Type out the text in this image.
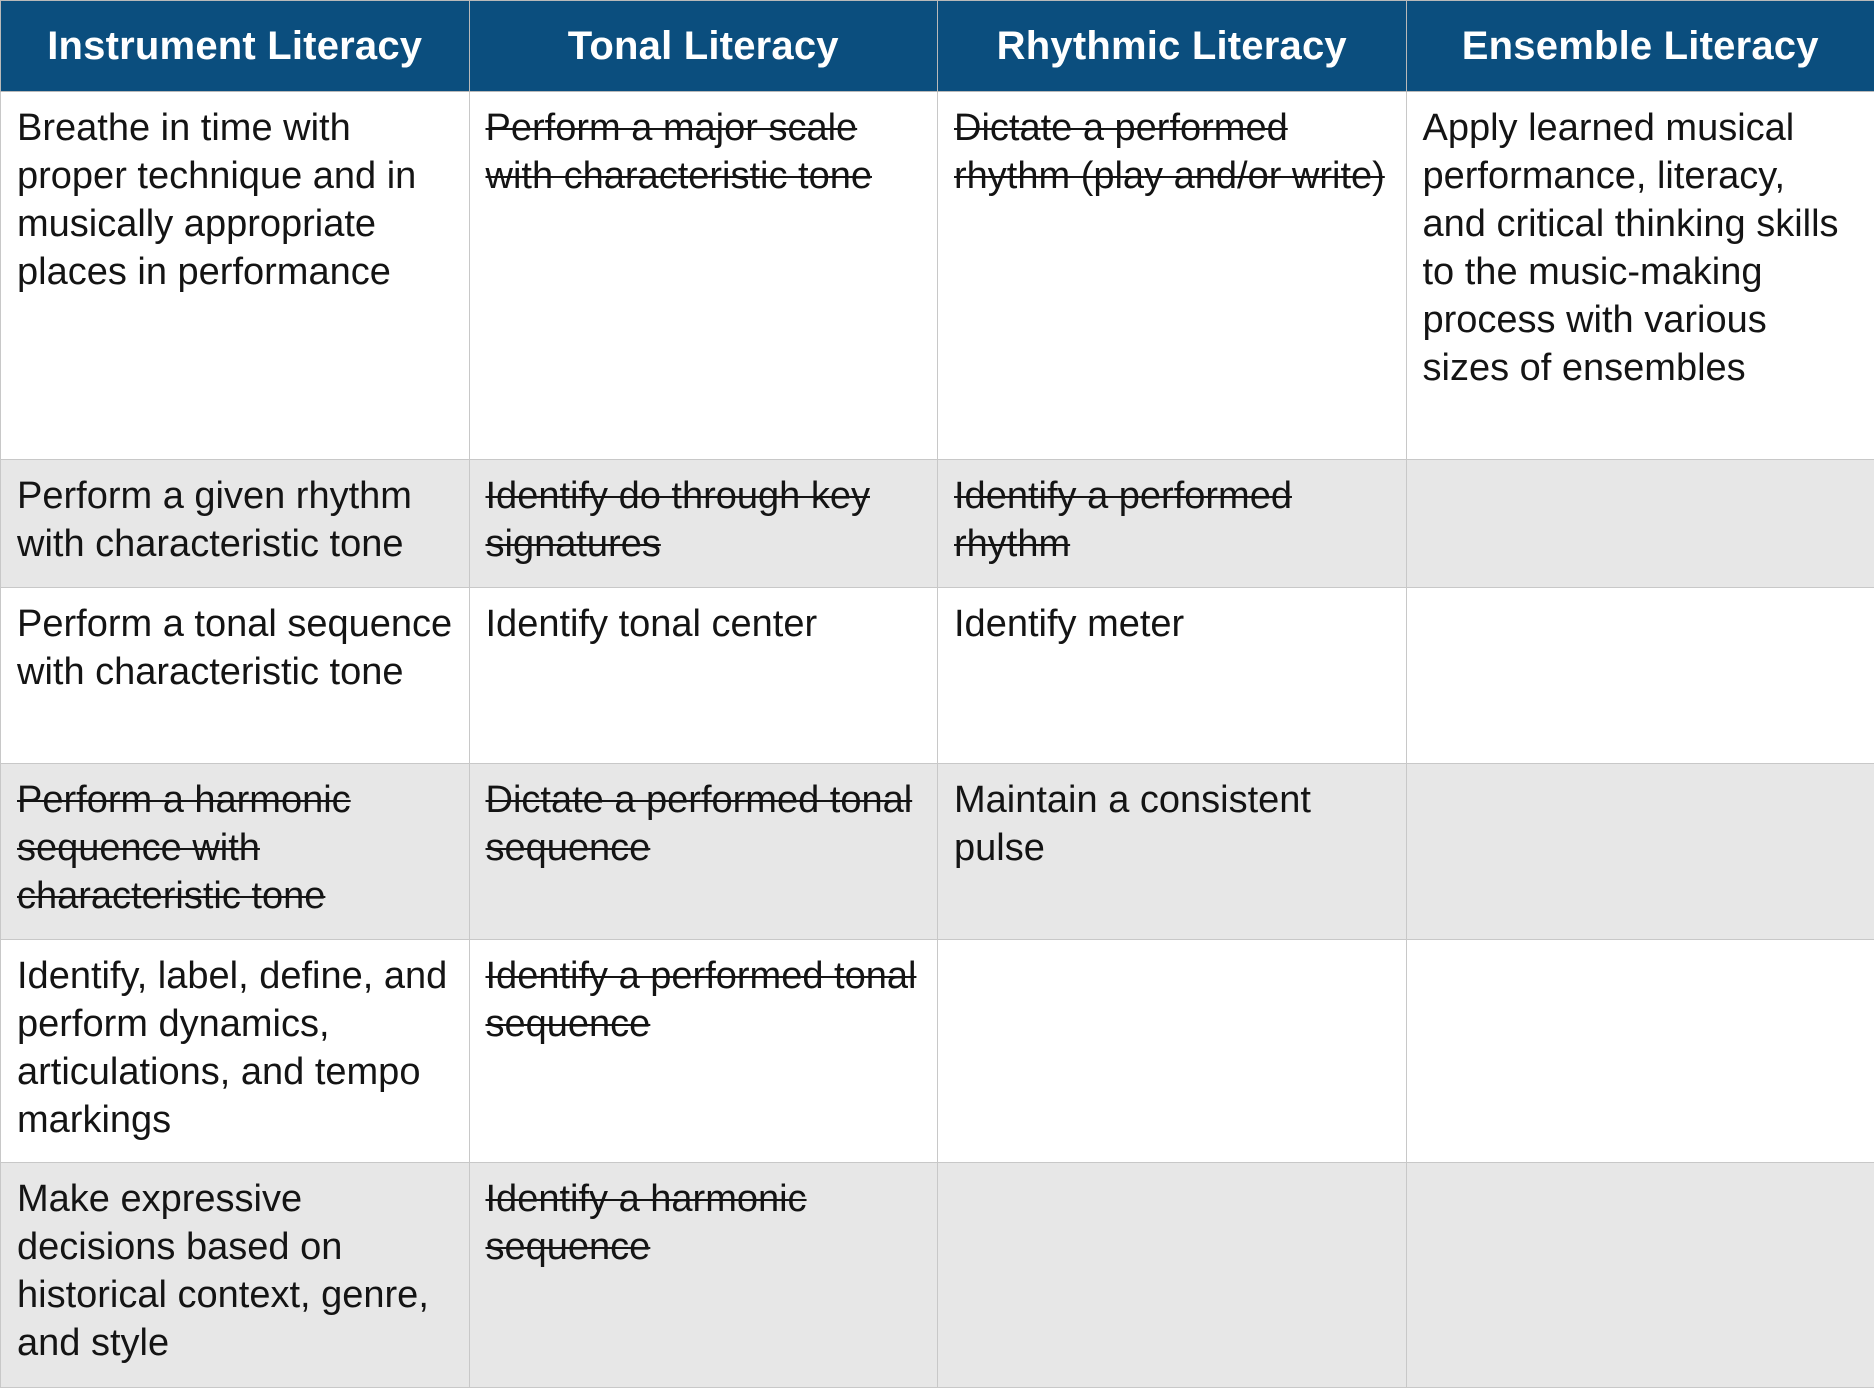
Instrument Literacy	Tonal Literacy	Rhythmic Literacy	Ensemble Literacy
Breathe in time with proper technique and in musically appropriate places in performance	Perform a major scale with characteristic tone	Dictate a performed rhythm (play and/or write)	Apply learned musical performance, literacy, and critical thinking skills to the music-making process with various sizes of ensembles
Perform a given rhythm with characteristic tone	Identify do through key signatures	Identify a performed rhythm	
Perform a tonal sequence with characteristic tone	Identify tonal center	Identify meter	
Perform a harmonic sequence with characteristic tone	Dictate a performed tonal sequence	Maintain a consistent pulse	
Identify, label, define, and perform dynamics, articulations, and tempo markings	Identify a performed tonal sequence		
Make expressive decisions based on historical context, genre, and style	Identify a harmonic sequence		
